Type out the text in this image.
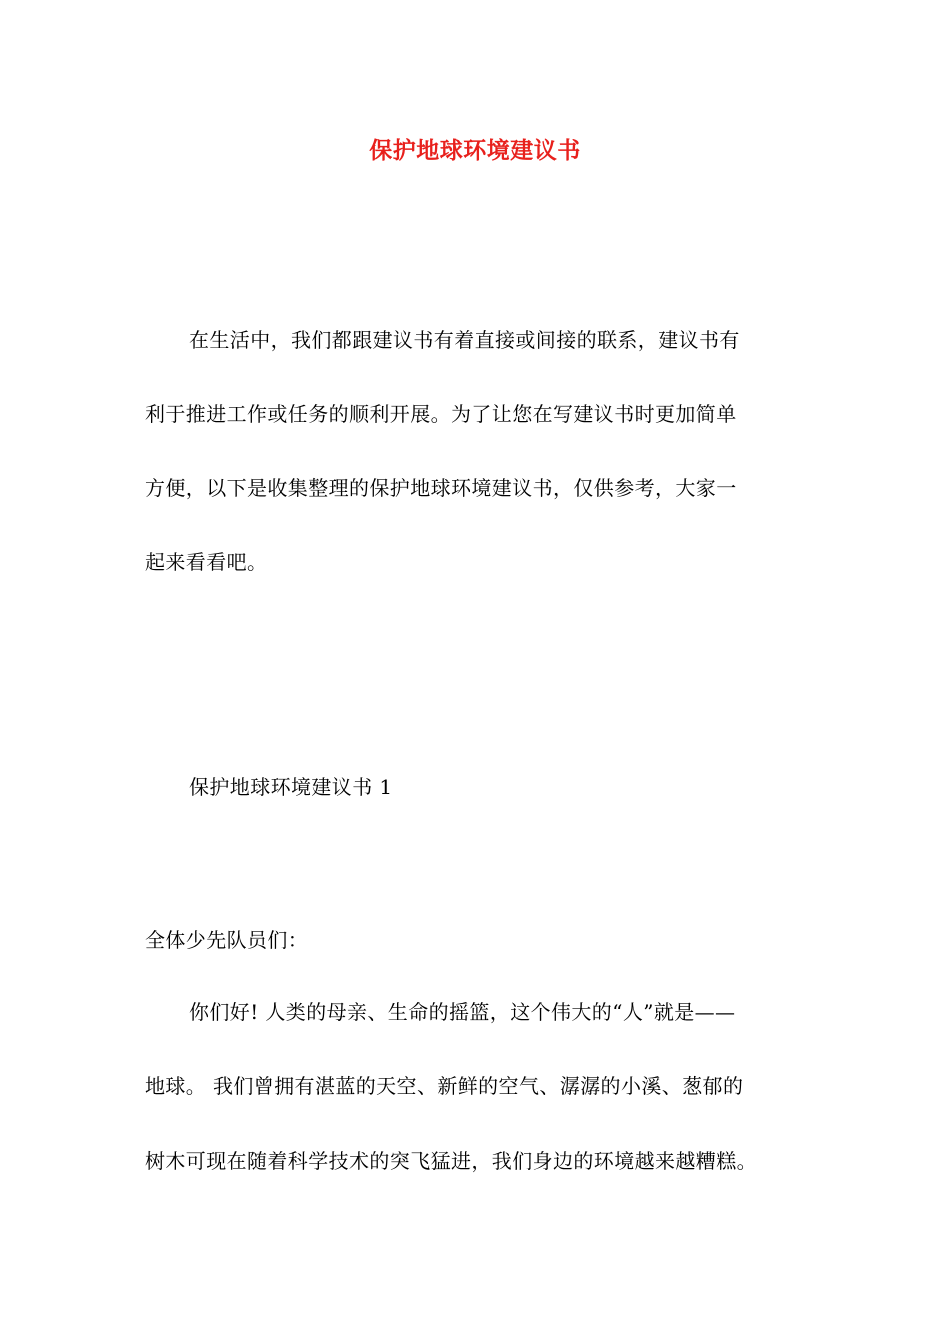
保护地球环境建议书
在生活中，我们都跟建议书有着直接或间接的联系，建议书有
利于推进工作或任务的顺利开展。为了让您在写建议书时更加简单
方便，以下是收集整理的保护地球环境建议书，仅供参考，大家一
起来看看吧。
保护地球环境建议书 1
全体少先队员们：
你们好! 人类的母亲、生命的摇篮，这个伟大的“人”就是——
地球。 我们曾拥有湛蓝的天空、新鲜的空气、潺潺的小溪、葱郁的
树木可现在随着科学技术的突飞猛进，我们身边的环境越来越糟糕。
